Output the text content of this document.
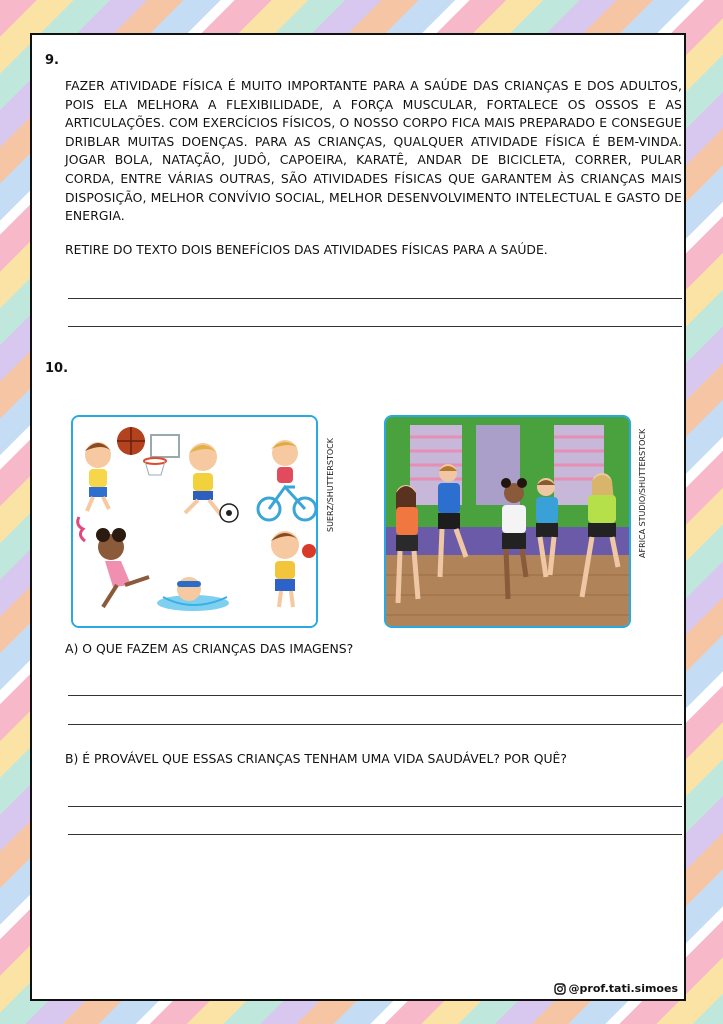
9.

FAZER ATIVIDADE FÍSICA É MUITO IMPORTANTE PARA A SAÚDE DAS CRIANÇAS E DOS ADULTOS, POIS ELA MELHORA A FLEXIBILIDADE, A FORÇA MUSCULAR, FORTALECE OS OSSOS E AS ARTICULAÇÕES. COM EXERCÍCIOS FÍSICOS, O NOSSO CORPO FICA MAIS PREPARADO E CONSEGUE DRIBLAR MUITAS DOENÇAS. PARA AS CRIANÇAS, QUALQUER ATIVIDADE FÍSICA É BEM-VINDA. JOGAR BOLA, NATAÇÃO, JUDÔ, CAPOEIRA, KARATÊ, ANDAR DE BICICLETA, CORRER, PULAR CORDA, ENTRE VÁRIAS OUTRAS, SÃO ATIVIDADES FÍSICAS QUE GARANTEM ÀS CRIANÇAS MAIS DISPOSIÇÃO, MELHOR CONVÍVIO SOCIAL, MELHOR DESENVOLVIMENTO INTELECTUAL E GASTO DE ENERGIA.

RETIRE DO TEXTO DOIS BENEFÍCIOS DAS ATIVIDADES FÍSICAS PARA A SAÚDE.
10.
SUERZ/SHUTTERSTOCK	AFRICA STUDIO/SHUTTERSTOCK
A) O QUE FAZEM AS CRIANÇAS DAS IMAGENS?
B) É PROVÁVEL QUE ESSAS CRIANÇAS TENHAM UMA VIDA SAUDÁVEL? POR QUÊ?
@prof.tati.simoes
